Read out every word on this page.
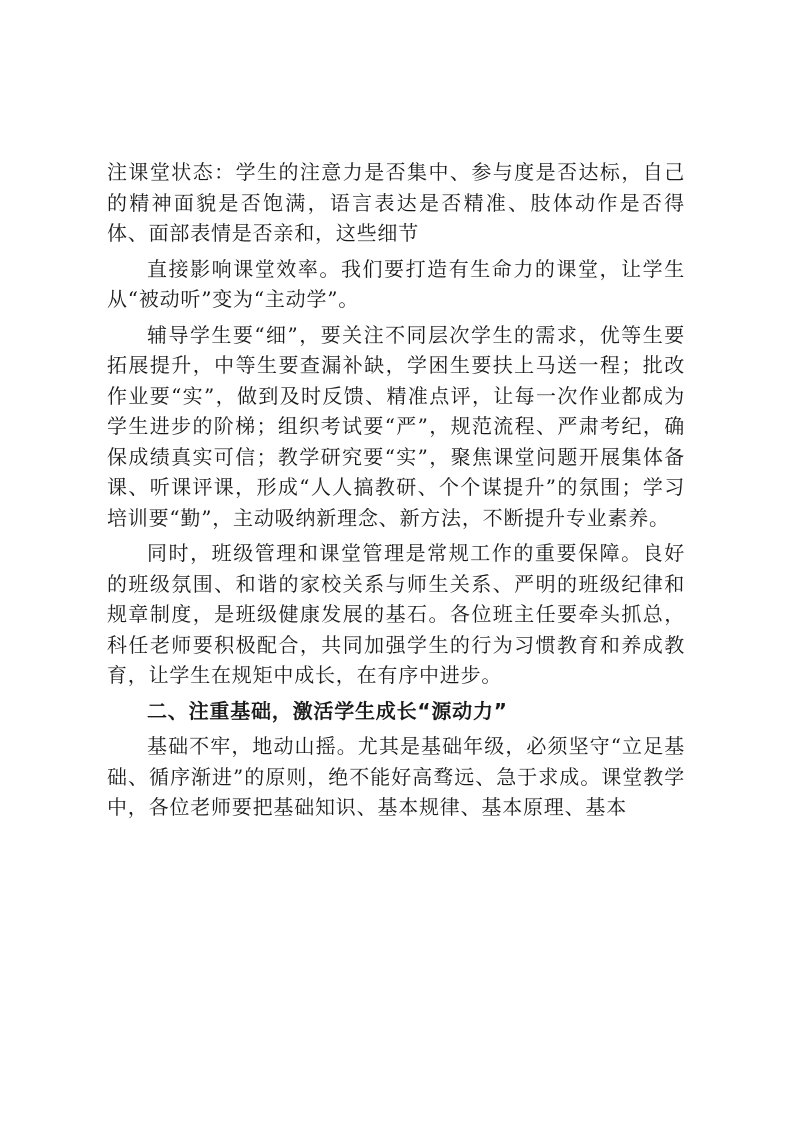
注课堂状态：学生的注意力是否集中、参与度是否达标，自己的精神面貌是否饱满，语言表达是否精准、肢体动作是否得体、面部表情是否亲和，这些细节

直接影响课堂效率。我们要打造有生命力的课堂，让学生从“被动听”变为“主动学”。

辅导学生要“细”，要关注不同层次学生的需求，优等生要拓展提升，中等生要查漏补缺，学困生要扶上马送一程；批改作业要“实”，做到及时反馈、精准点评，让每一次作业都成为学生进步的阶梯；组织考试要“严”，规范流程、严肃考纪，确保成绩真实可信；教学研究要“实”，聚焦课堂问题开展集体备课、听课评课，形成“人人搞教研、个个谋提升”的氛围；学习培训要“勤”，主动吸纳新理念、新方法，不断提升专业素养。

同时，班级管理和课堂管理是常规工作的重要保障。良好的班级氛围、和谐的家校关系与师生关系、严明的班级纪律和规章制度，是班级健康发展的基石。各位班主任要牵头抓总，科任老师要积极配合，共同加强学生的行为习惯教育和养成教育，让学生在规矩中成长，在有序中进步。

二、注重基础，激活学生成长“源动力”

基础不牢，地动山摇。尤其是基础年级，必须坚守“立足基础、循序渐进”的原则，绝不能好高骛远、急于求成。课堂教学中，各位老师要把基础知识、基本规律、基本原理、基本
